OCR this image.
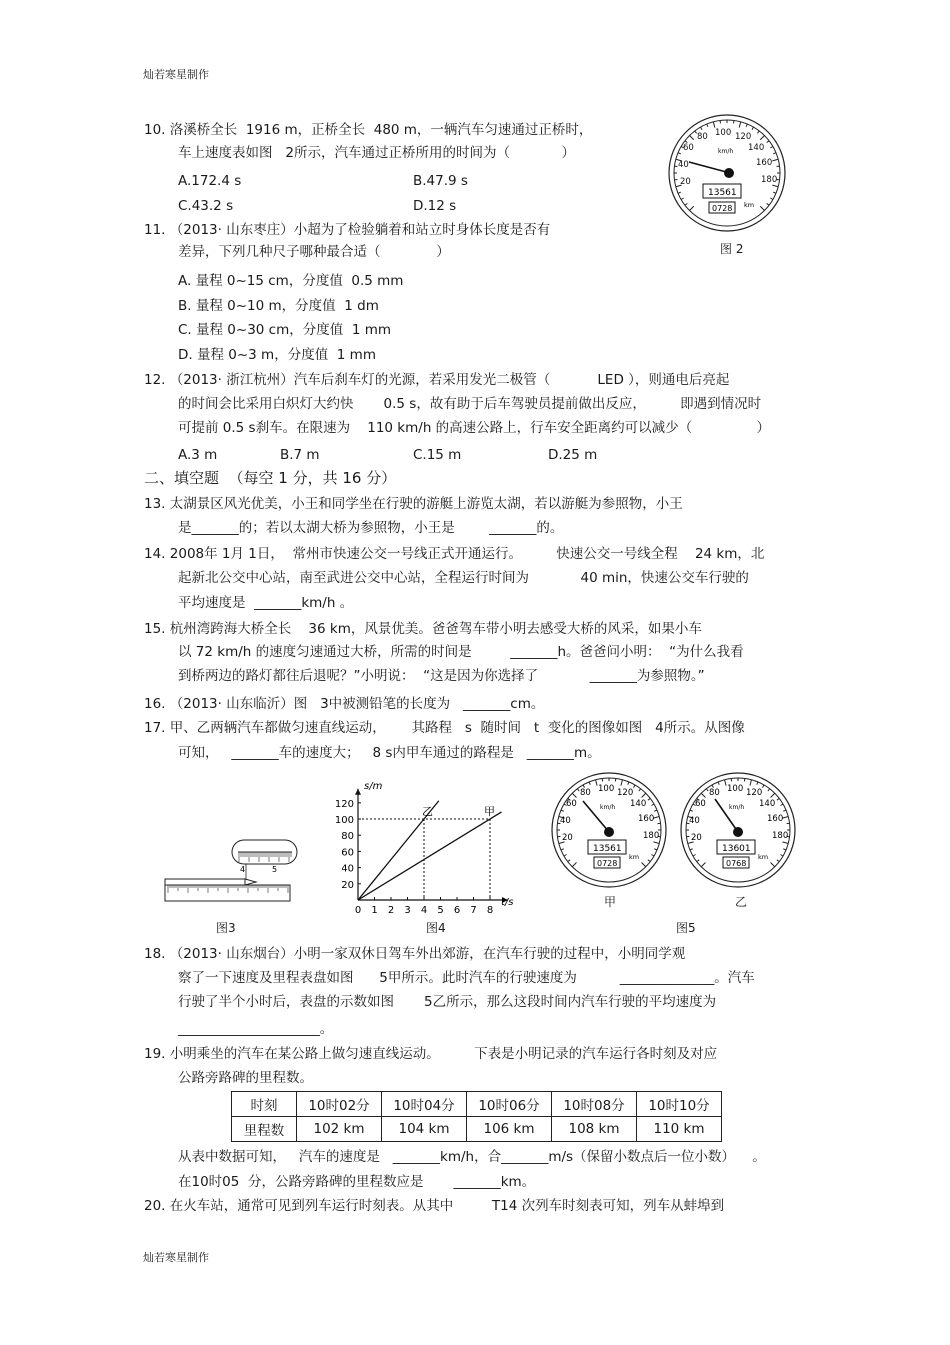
灿若寒星制作
灿若寒星制作
10. 洛溪桥全长  1916 m，正桥全长  480 m，一辆汽车匀速通过正桥时，
车上速度表如图   2所示，汽车通过正桥所用的时间为（            ）
A.172.4 s	B.47.9 s
C.43.2 s	D.12 s
11. （2013· 山东枣庄）小超为了检验躺着和站立时身体长度是否有
差异，下列几种尺子哪种最合适（             ）
A. 量程 0~15 cm，分度值  0.5 mm
B. 量程 0~10 m，分度值  1 dm
C. 量程 0~30 cm，分度值  1 mm
D. 量程 0~3 m，分度值  1 mm
12. （2013· 浙江杭州）汽车后刹车灯的光源，若采用发光二极管（           LED ），则通电后亮起
的时间会比采用白炽灯大约快       0.5 s，故有助于后车驾驶员提前做出反应，        即遇到情况时
可提前 0.5 s刹车。在限速为    110 km/h 的高速公路上，行车安全距离约可以减少（               ）
A.3 m	B.7 m	C.15 m	D.25 m
二、填空题  （每空 1 分，共 16 分）
13. 太湖景区风光优美，小王和同学坐在行驶的游艇上游览太湖，若以游艇为参照物，小王
是_______的；若以太湖大桥为参照物，小王是        _______的。
14. 2008年 1月 1日，  常州市快速公交一号线正式开通运行。        快速公交一号线全程    24 km，北
起新北公交中心站，南至武进公交中心站，全程运行时间为            40 min，快速公交车行驶的
平均速度是  _______km/h 。
15. 杭州湾跨海大桥全长    36 km，风景优美。爸爸驾车带小明去感受大桥的风采，如果小车
以 72 km/h 的速度匀速通过大桥，所需的时间是         _______h。爸爸问小明：  “为什么我看
到桥两边的路灯都往后退呢？”小明说：  “这是因为你选择了            _______为参照物。”
16. （2013· 山东临沂）图   3中被测铅笔的长度为   _______cm。
17. 甲、乙两辆汽车都做匀速直线运动，      其路程   s  随时间   t  变化的图像如图   4所示。从图像
可知，   _______车的速度大；   8 s内甲车通过的路程是   _______m。
20
40
60
80 100 120
140
160
180
km/h
13561
0728 km
图 2
4	5
图3
20
40
60
80
100
120
0 1 2 3 4 5 6 7 8
s/m
t/s
乙	甲
图4
20
40
60
80 100 120
140
160
180
km/h
13561
0728
km
甲
20
40
60
80 100 120
140
160
180
km/h
13601
0768
km
乙
图5
18. （2013· 山东烟台）小明一家双休日驾车外出郊游，在汽车行驶的过程中，小明同学观
察了一下速度及里程表盘如图      5甲所示。此时汽车的行驶速度为          ______________。汽车
行驶了半个小时后，表盘的示数如图       5乙所示，那么这段时间内汽车行驶的平均速度为
_____________________。
19. 小明乘坐的汽车在某公路上做匀速直线运动。        下表是小明记录的汽车运行各时刻及对应
公路旁路碑的里程数。
时刻	10时02分	10时04分	10时06分	10时08分	10时10分
里程数	102 km	104 km	106 km	108 km	110 km
从表中数据可知，   汽车的速度是   _______km/h，合_______m/s（保留小数点后一位小数）    。
在10时05  分，公路旁路碑的里程数应是       _______km。
20. 在火车站，通常可见到列车运行时刻表。从其中         T14 次列车时刻表可知，列车从蚌埠到
